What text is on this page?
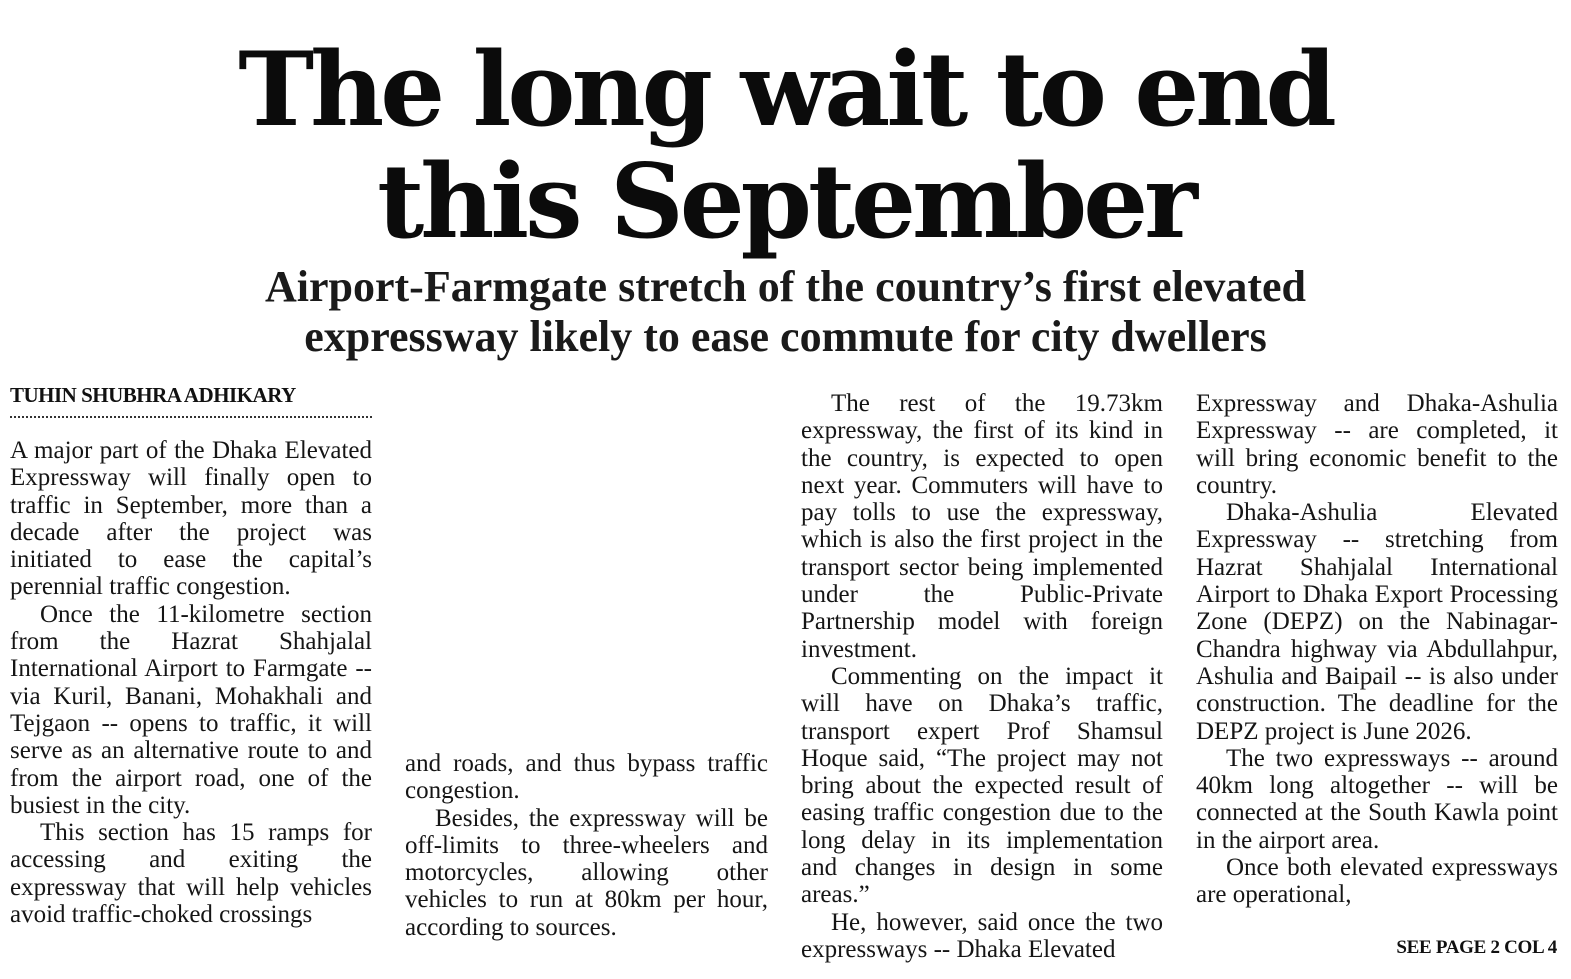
The long wait to end
this September
Airport-Farmgate stretch of the country’s first elevated
expressway likely to ease commute for city dwellers
TUHIN SHUBHRA ADHIKARY

A major part of the Dhaka Elevated Expressway will finally open to traffic in September, more than a decade after the project was initiated to ease the capital’s perennial traffic congestion.

Once the 11-kilometre section from the Hazrat Shahjalal International Airport to Farmgate -- via Kuril, Banani, Mohakhali and Tejgaon -- opens to traffic, it will serve as an alternative route to and from the airport road, one of the busiest in the city.

This section has 15 ramps for accessing and exiting the expressway that will help vehicles avoid traffic-choked crossings

and roads, and thus bypass traffic congestion.

Besides, the expressway will be off-limits to three-wheelers and motorcycles, allowing other vehicles to run at 80km per hour, according to sources.

The rest of the 19.73km expressway, the first of its kind in the country, is expected to open next year. Commuters will have to pay tolls to use the expressway, which is also the first project in the transport sector being implemented under the Public-Private Partnership model with foreign investment.

Commenting on the impact it will have on Dhaka’s traffic, transport expert Prof Shamsul Hoque said, “The project may not bring about the expected result of easing traffic congestion due to the long delay in its implementation and changes in design in some areas.”

He, however, said once the two expressways -- Dhaka Elevated

Expressway and Dhaka-Ashulia Expressway -- are completed, it will bring economic benefit to the country.

Dhaka-Ashulia Elevated Expressway -- stretching from Hazrat Shahjalal International Airport to Dhaka Export Processing Zone (DEPZ) on the Nabinagar-Chandra highway via Abdullahpur, Ashulia and Baipail -- is also under construction. The deadline for the DEPZ project is June 2026.

The two expressways -- around 40km long altogether -- will be connected at the South Kawla point in the airport area.

Once both elevated expressways are operational,

SEE PAGE 2 COL 4
